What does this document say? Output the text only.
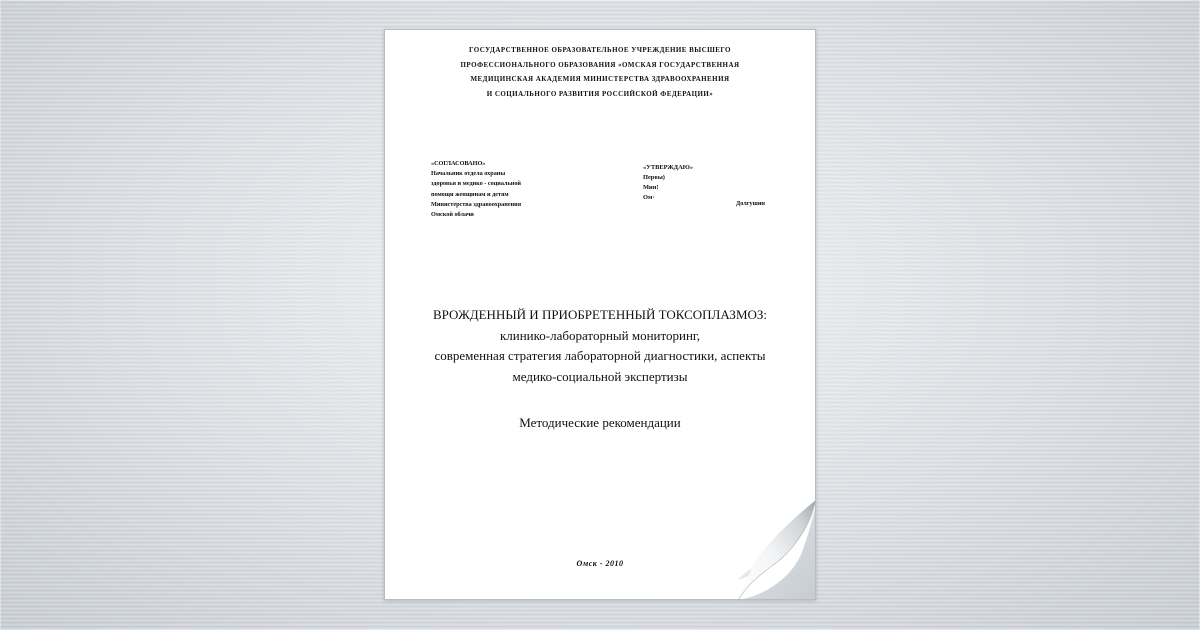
ГОСУДАРСТВЕННОЕ ОБРАЗОВАТЕЛЬНОЕ УЧРЕЖДЕНИЕ ВЫСШЕГО
ПРОФЕССИОНАЛЬНОГО ОБРАЗОВАНИЯ «ОМСКАЯ ГОСУДАРСТВЕННАЯ
МЕДИЦИНСКАЯ АКАДЕМИЯ МИНИСТЕРСТВА ЗДРАВООХРАНЕНИЯ
И СОЦИАЛЬНОГО РАЗВИТИЯ РОССИЙСКОЙ ФЕДЕРАЦИИ»
«СОГЛАСОВАНО»
Начальник отдела охраны
здоровья и медико - социальной
помощи женщинам и детям
Министерства здравоохранения
Омской облачи
«УТВЕРЖДАЮ»
Первы)
Мин!
Ом·
Долгушин
ВРОЖДЕННЫЙ И ПРИОБРЕТЕННЫЙ ТОКСОПЛАЗМОЗ:
клинико-лабораторный мониторинг,
современная стратегия лабораторной диагностики, аспекты
медико-социальной экспертизы
Методические рекомендации
Омск - 2010
